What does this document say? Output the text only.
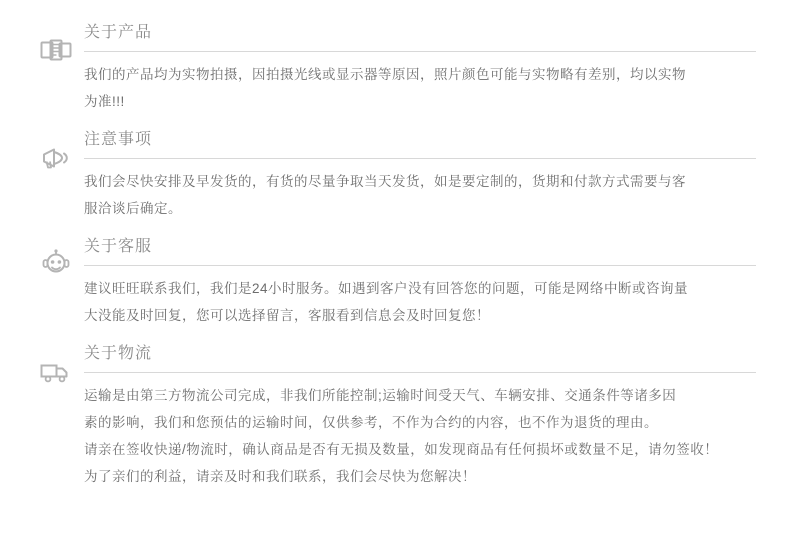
关于产品

我们的产品均为实物拍摄，因拍摄光线或显示器等原因，照片颜色可能与实物略有差别，均以实物
为准!!!

注意事项

我们会尽快安排及早发货的，有货的尽量争取当天发货，如是要定制的，货期和付款方式需要与客
服洽谈后确定。

关于客服

建议旺旺联系我们，我们是24小时服务。如遇到客户没有回答您的问题，可能是网络中断或咨询量
大没能及时回复，您可以选择留言，客服看到信息会及时回复您！

关于物流

运输是由第三方物流公司完成，非我们所能控制;运输时间受天气、车辆安排、交通条件等诸多因
素的影响，我们和您预估的运输时间，仅供参考，不作为合约的内容，也不作为退货的理由。
请亲在签收快递/物流时，确认商品是否有无损及数量，如发现商品有任何损坏或数量不足，请勿签收！
为了亲们的利益，请亲及时和我们联系，我们会尽快为您解决！
